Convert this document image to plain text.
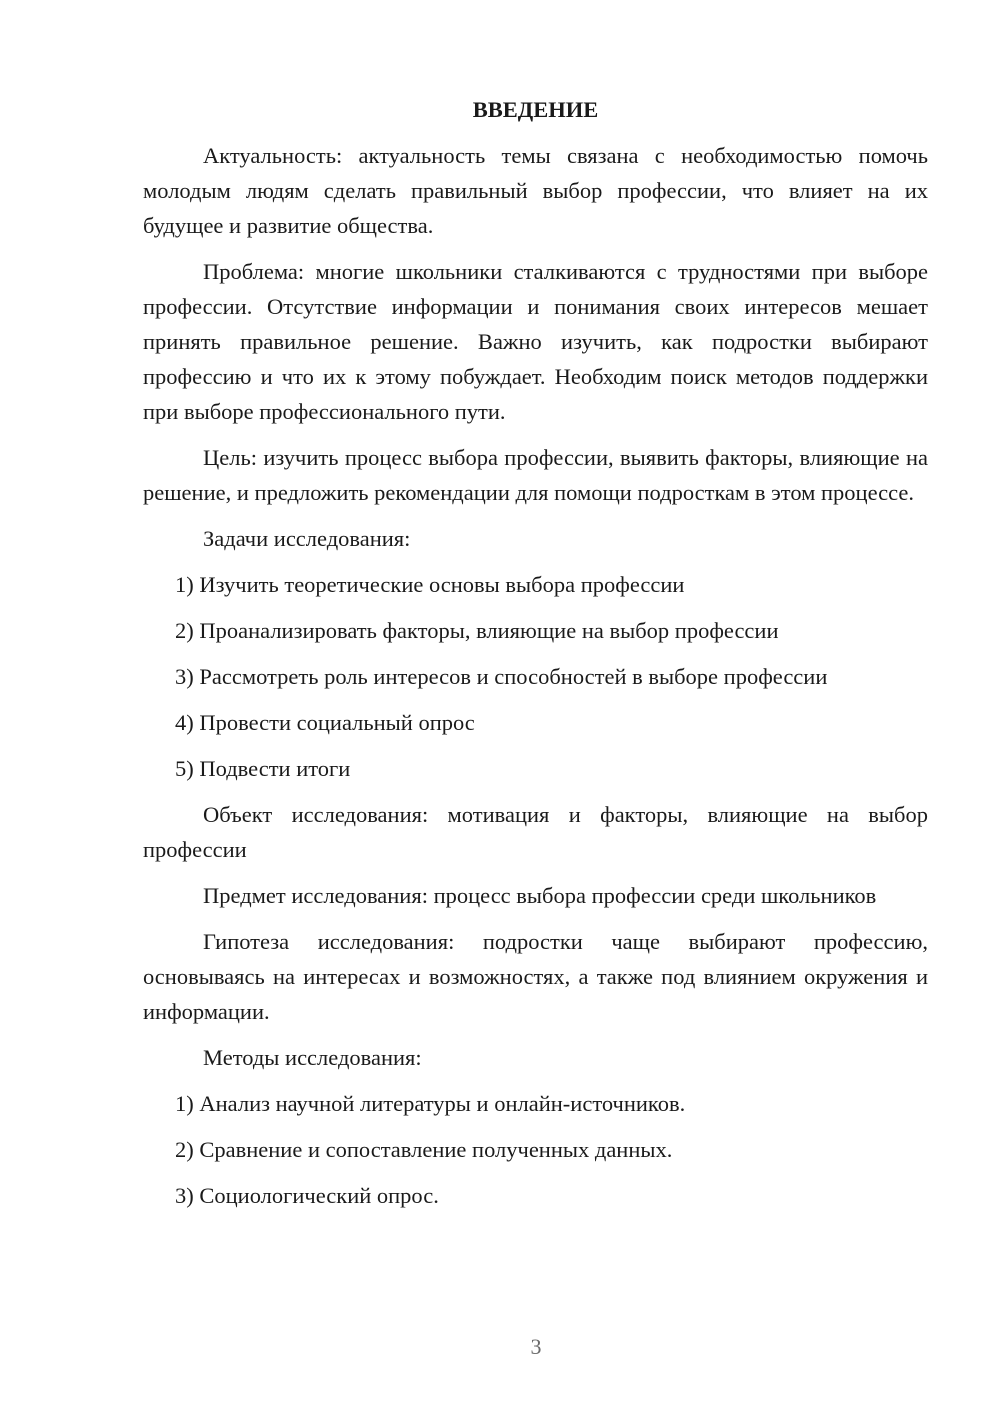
ВВЕДЕНИЕ

Актуальность: актуальность темы связана с необходимостью помочь молодым людям сделать правильный выбор профессии, что влияет на их будущее и развитие общества.

Проблема: многие школьники сталкиваются с трудностями при выборе профессии. Отсутствие информации и понимания своих интересов мешает принять правильное решение. Важно изучить, как подростки выбирают профессию и что их к этому побуждает. Необходим поиск методов поддержки при выборе профессионального пути.

Цель: изучить процесс выбора профессии, выявить факторы, влияющие на решение, и предложить рекомендации для помощи подросткам в этом процессе.

Задачи исследования:
1) Изучить теоретические основы выбора профессии
2) Проанализировать факторы, влияющие на выбор профессии
3) Рассмотреть роль интересов и способностей в выборе профессии
4) Провести социальный опрос
5) Подвести итоги

Объект исследования: мотивация и факторы, влияющие на выбор профессии

Предмет исследования: процесс выбора профессии среди школьников

Гипотеза исследования: подростки чаще выбирают профессию, основываясь на интересах и возможностях, а также под влиянием окружения и информации.

Методы исследования:
1) Анализ научной литературы и онлайн-источников.
2) Сравнение и сопоставление полученных данных.
3) Социологический опрос.
3
